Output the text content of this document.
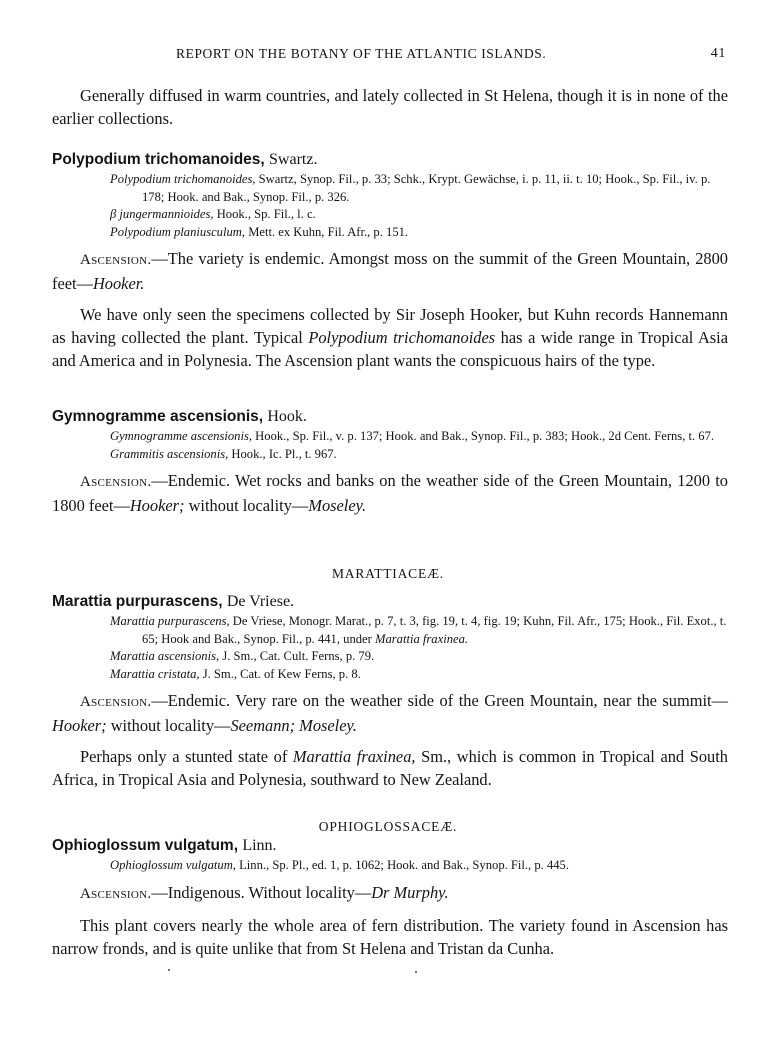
REPORT ON THE BOTANY OF THE ATLANTIC ISLANDS.	41

Generally diffused in warm countries, and lately collected in St Helena, though it is in none of the earlier collections.

Polypodium trichomanoides, Swartz.

Polypodium trichomanoides, Swartz, Synop. Fil., p. 33; Schk., Krypt. Gewächse, i. p. 11, ii. t. 10; Hook., Sp. Fil., iv. p. 178; Hook. and Bak., Synop. Fil., p. 326.
β jungermannioides, Hook., Sp. Fil., l. c.
Polypodium planiusculum, Mett. ex Kuhn, Fil. Afr., p. 151.

Ascension.—The variety is endemic. Amongst moss on the summit of the Green Mountain, 2800 feet—Hooker.

We have only seen the specimens collected by Sir Joseph Hooker, but Kuhn records Hannemann as having collected the plant. Typical Polypodium trichomanoides has a wide range in Tropical Asia and America and in Polynesia. The Ascension plant wants the conspicuous hairs of the type.

Gymnogramme ascensionis, Hook.

Gymnogramme ascensionis, Hook., Sp. Fil., v. p. 137; Hook. and Bak., Synop. Fil., p. 383; Hook., 2d Cent. Ferns, t. 67.
Grammitis ascensionis, Hook., Ic. Pl., t. 967.

Ascension.—Endemic. Wet rocks and banks on the weather side of the Green Mountain, 1200 to 1800 feet—Hooker; without locality—Moseley.

MARATTIACEÆ.

Marattia purpurascens, De Vriese.

Marattia purpurascens, De Vriese, Monogr. Marat., p. 7, t. 3, fig. 19, t. 4, fig. 19; Kuhn, Fil. Afr., 175; Hook., Fil. Exot., t. 65; Hook and Bak., Synop. Fil., p. 441, under Marattia fraxinea.
Marattia ascensionis, J. Sm., Cat. Cult. Ferns, p. 79.
Marattia cristata, J. Sm., Cat. of Kew Ferns, p. 8.

Ascension.—Endemic. Very rare on the weather side of the Green Mountain, near the summit—Hooker; without locality—Seemann; Moseley.

Perhaps only a stunted state of Marattia fraxinea, Sm., which is common in Tropical and South Africa, in Tropical Asia and Polynesia, southward to New Zealand.

OPHIOGLOSSACEÆ.

Ophioglossum vulgatum, Linn.

Ophioglossum vulgatum, Linn., Sp. Pl., ed. 1, p. 1062; Hook. and Bak., Synop. Fil., p. 445.

Ascension.—Indigenous. Without locality—Dr Murphy.

This plant covers nearly the whole area of fern distribution. The variety found in Ascension has narrow fronds, and is quite unlike that from St Helena and Tristan da Cunha.
